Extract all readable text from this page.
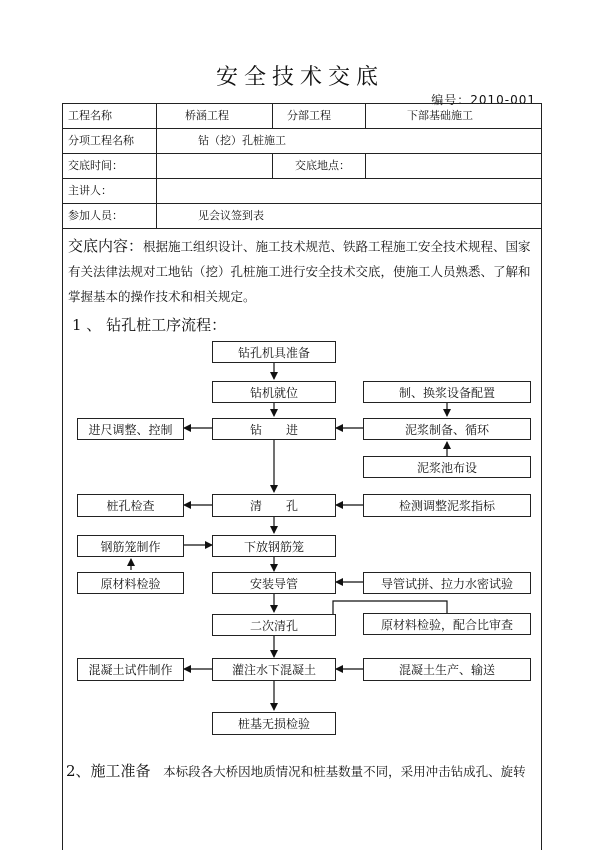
安全技术交底
编号：2010-001
工程名称	桥涵工程	分部工程	下部基础施工
分项工程名称	钻（挖）孔桩施工
交底时间：	交底地点：
主讲人：
参加人员：	见会议签到表
交底内容：根据施工组织设计、施工技术规范、铁路工程施工安全技术规程、国家有关法律法规对工地钻（挖）孔桩施工进行安全技术交底，使施工人员熟悉、了解和掌握基本的操作技术和相关规定。
1 、 钻孔桩工序流程：
钻孔机具准备
钻机就位
钻　　进
清　　孔
下放钢筋笼
安装导管
二次清孔
灌注水下混凝土
桩基无损检验
制、换浆设备配置
泥浆制备、循环
泥浆池布设
检测调整泥浆指标
导管试拼、拉力水密试验
原材料检验，配合比审查
混凝土生产、输送
进尺调整、控制
桩孔检查
钢筋笼制作
原材料检验
混凝土试件制作
2、施工准备　 本标段各大桥因地质情况和桩基数量不同，采用冲击钻成孔、旋转
